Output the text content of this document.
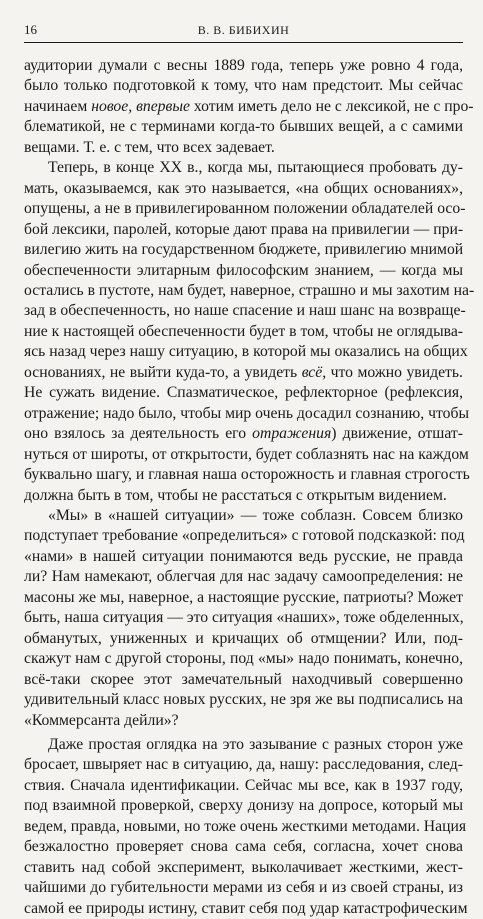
16	В. В. БИБИХИН
аудитории думали с весны 1889 года, теперь уже ровно 4 года,
было только подготовкой к тому, что нам предстоит. Мы сейчас
начинаем новое, впервые хотим иметь дело не с лексикой, не с про-
блематикой, не с терминами когда-то бывших вещей, а с самими
вещами. Т. е. с тем, что всех задевает.
Теперь, в конце XX в., когда мы, пытающиеся пробовать ду-
мать, оказываемся, как это называется, «на общих основаниях»,
опущены, а не в привилегированном положении обладателей осо-
бой лексики, паролей, которые дают права на привилегии — при-
вилегию жить на государственном бюджете, привилегию мнимой
обеспеченности элитарным философским знанием, — когда мы
остались в пустоте, нам будет, наверное, страшно и мы захотим на-
зад в обеспеченность, но наше спасение и наш шанс на возвраще-
ние к настоящей обеспеченности будет в том, чтобы не оглядыва-
ясь назад через нашу ситуацию, в которой мы оказались на общих
основаниях, не выйти куда-то, а увидеть всё, что можно увидеть.
Не сужать видение. Спазматическое, рефлекторное (рефлексия,
отражение; надо было, чтобы мир очень досадил сознанию, чтобы
оно взялось за деятельность его отражения) движение, отшат-
нуться от широты, от открытости, будет соблазнять нас на каждом
буквально шагу, и главная наша осторожность и главная строгость
должна быть в том, чтобы не расстаться с открытым видением.
«Мы» в «нашей ситуации» — тоже соблазн. Совсем близко
подступает требование «определиться» с готовой подсказкой: под
«нами» в нашей ситуации понимаются ведь русские, не правда
ли? Нам намекают, облегчая для нас задачу самоопределения: не
масоны же мы, наверное, а настоящие русские, патриоты? Может
быть, наша ситуация — это ситуация «наших», тоже обделенных,
обманутых, униженных и кричащих об отмщении? Или, под-
скажут нам с другой стороны, под «мы» надо понимать, конечно,
всё-таки скорее этот замечательный находчивый совершенно
удивительный класс новых русских, не зря же вы подписались на
«Коммерсанта дейли»?
Даже простая оглядка на это зазывание с разных сторон уже
бросает, швыряет нас в ситуацию, да, нашу: расследования, след-
ствия. Сначала идентификации. Сейчас мы все, как в 1937 году,
под взаимной проверкой, сверху донизу на допросе, который мы
ведем, правда, новыми, но тоже очень жесткими методами. Нация
безжалостно проверяет снова сама себя, согласна, хочет снова
ставить над собой эксперимент, выколачивает жесткими, жест-
чайшими до губительности мерами из себя и из своей страны, из
самой ее природы истину, ставит себя под удар катастрофическим
